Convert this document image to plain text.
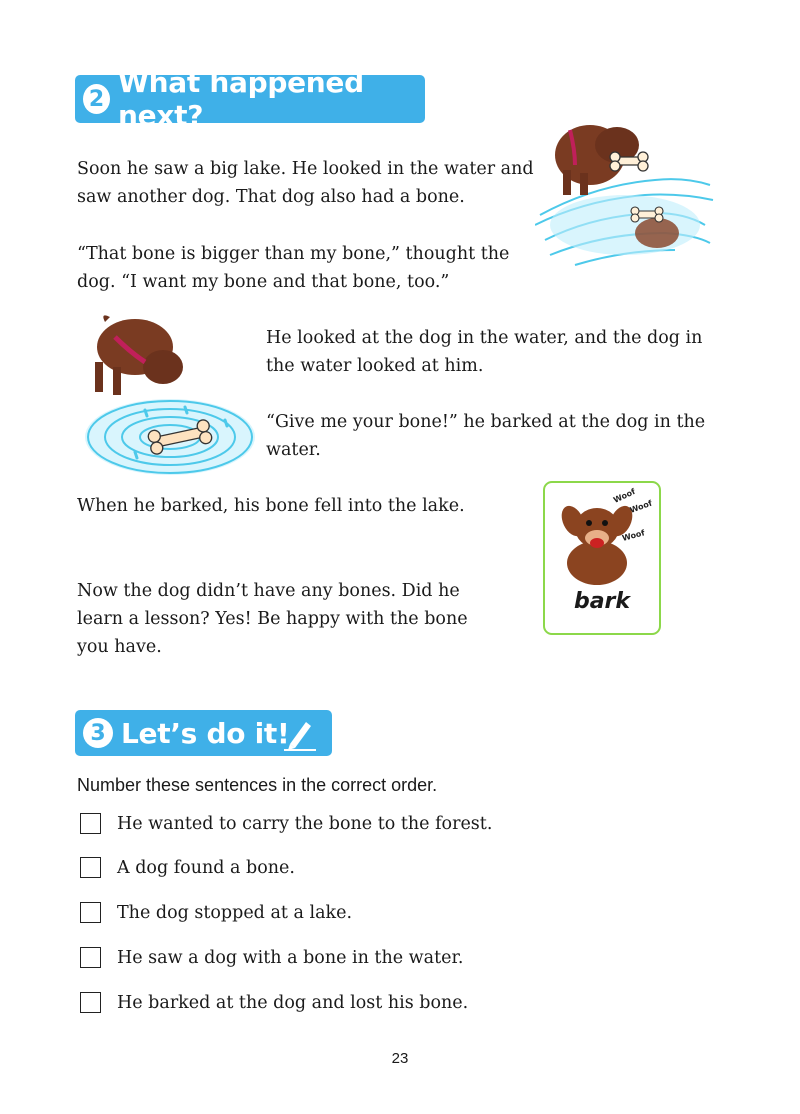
2 What happened next?

Soon he saw a big lake. He looked in the water and saw another dog. That dog also had a bone.

“That bone is bigger than my bone,” thought the dog. “I want my bone and that bone, too.”

He looked at the dog in the water, and the dog in the water looked at him.

“Give me your bone!” he barked at the dog in the water.

When he barked, his bone fell into the lake.

Now the dog didn’t have any bones. Did he learn a lesson? Yes! Be happy with the bone you have.

Woof
Woof
Woof
bark
3 Let’s do it!

Number these sentences in the correct order.

He wanted to carry the bone to the forest.
A dog found a bone.
The dog stopped at a lake.
He saw a dog with a bone in the water.
He barked at the dog and lost his bone.
23
